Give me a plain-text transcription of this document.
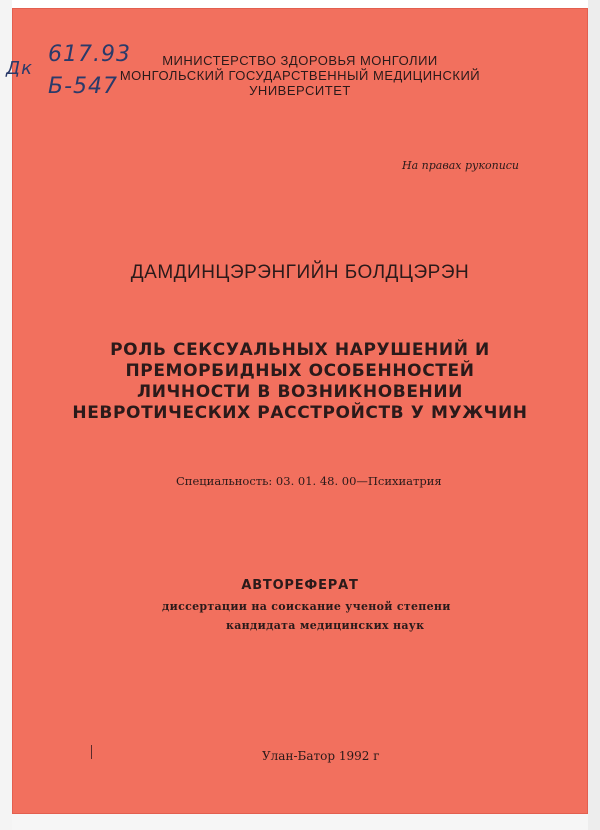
Дк
617.93
Б-547
МИНИСТЕРСТВО ЗДОРОВЬЯ МОНГОЛИИ
МОНГОЛЬСКИЙ ГОСУДАРСТВЕННЫЙ МЕДИЦИНСКИЙ
УНИВЕРСИТЕТ
На правах рукописи
ДАМДИНЦЭРЭНГИЙН БОЛДЦЭРЭН
РОЛЬ СЕКСУАЛЬНЫХ НАРУШЕНИЙ И
ПРЕМОРБИДНЫХ ОСОБЕННОСТЕЙ
ЛИЧНОСТИ В ВОЗНИКНОВЕНИИ
НЕВРОТИЧЕСКИХ РАССТРОЙСТВ У МУЖЧИН
Специальность: 03. 01. 48. 00—Психиатрия
АВТОРЕФЕРАТ
диссертации на соискание ученой степени
кандидата медицинских наук
Улан-Батор 1992 г
